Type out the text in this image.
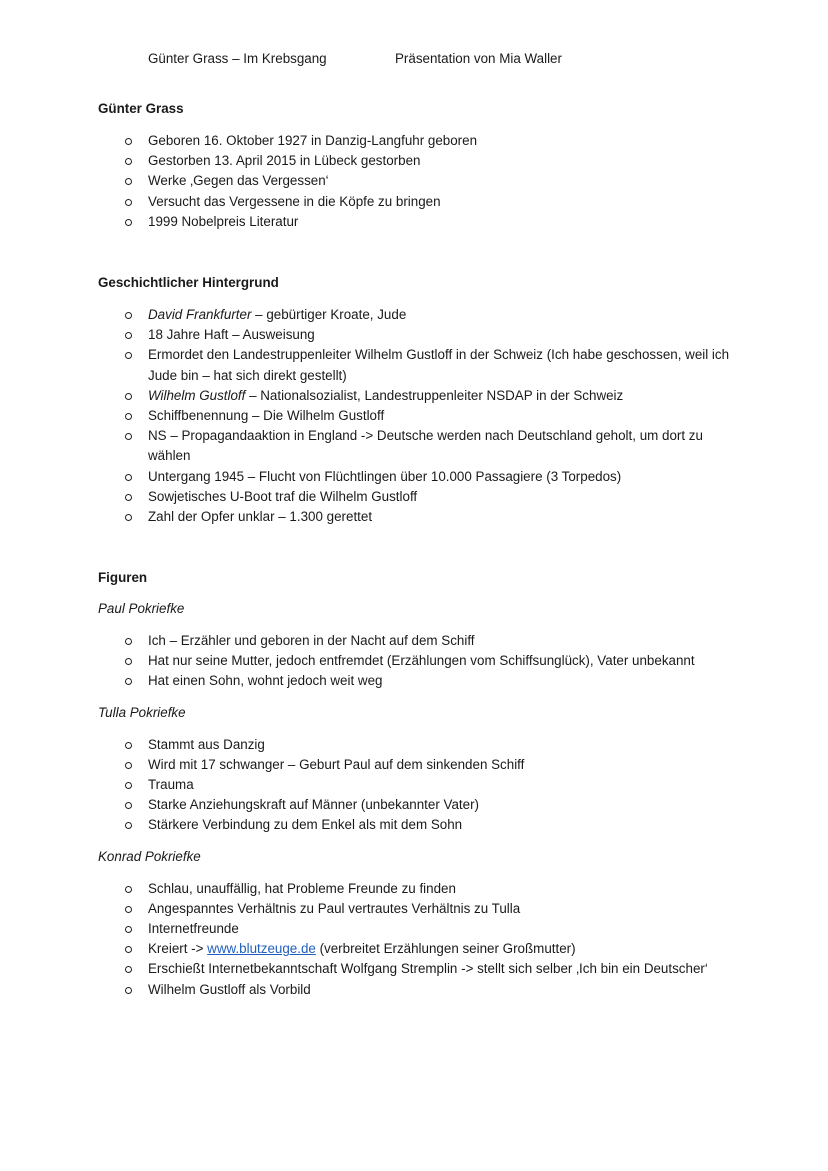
Günter Grass – Im Krebsgang	Präsentation von Mia Waller

Günter Grass

Geboren 16. Oktober 1927 in Danzig-Langfuhr geboren
Gestorben 13. April 2015 in Lübeck gestorben
Werke ‚Gegen das Vergessen‘
Versucht das Vergessene in die Köpfe zu bringen
1999 Nobelpreis Literatur

Geschichtlicher Hintergrund

David Frankfurter – gebürtiger Kroate, Jude
18 Jahre Haft – Ausweisung
Ermordet den Landestruppenleiter Wilhelm Gustloff in der Schweiz (Ich habe geschossen, weil ich Jude bin – hat sich direkt gestellt)
Wilhelm Gustloff – Nationalsozialist, Landestruppenleiter NSDAP in der Schweiz
Schiffbenennung – Die Wilhelm Gustloff
NS – Propagandaaktion in England -> Deutsche werden nach Deutschland geholt, um dort zu wählen
Untergang 1945 – Flucht von Flüchtlingen über 10.000 Passagiere (3 Torpedos)
Sowjetisches U-Boot traf die Wilhelm Gustloff
Zahl der Opfer unklar – 1.300 gerettet

Figuren

Paul Pokriefke

Ich – Erzähler und geboren in der Nacht auf dem Schiff
Hat nur seine Mutter, jedoch entfremdet (Erzählungen vom Schiffsunglück), Vater unbekannt
Hat einen Sohn, wohnt jedoch weit weg

Tulla Pokriefke

Stammt aus Danzig
Wird mit 17 schwanger – Geburt Paul auf dem sinkenden Schiff
Trauma
Starke Anziehungskraft auf Männer (unbekannter Vater)
Stärkere Verbindung zu dem Enkel als mit dem Sohn

Konrad Pokriefke

Schlau, unauffällig, hat Probleme Freunde zu finden
Angespanntes Verhältnis zu Paul vertrautes Verhältnis zu Tulla
Internetfreunde
Kreiert -> www.blutzeuge.de (verbreitet Erzählungen seiner Großmutter)
Erschießt Internetbekanntschaft Wolfgang Stremplin -> stellt sich selber ‚Ich bin ein Deutscher‘
Wilhelm Gustloff als Vorbild
